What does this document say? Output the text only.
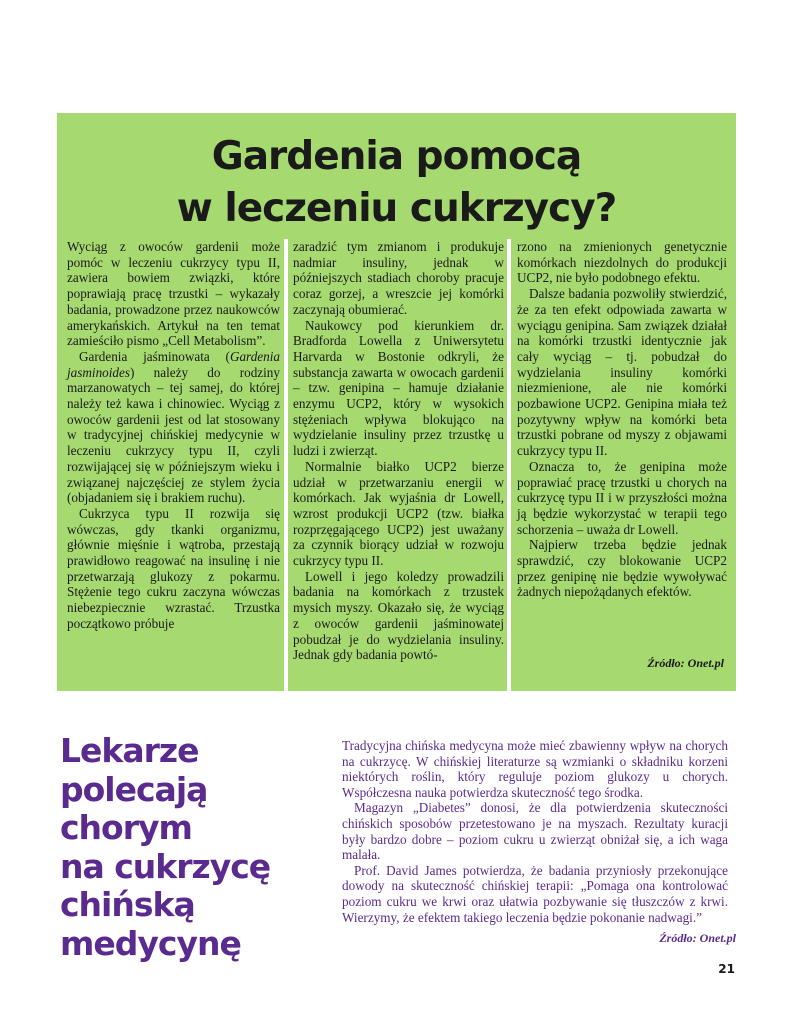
Gardenia pomocą
w leczeniu cukrzycy?

Wyciąg z owoców gardenii może pomóc w leczeniu cukrzycy typu II, zawiera bowiem związki, które poprawiają pracę trzustki – wykazały badania, prowadzone przez naukowców amerykańskich. Artykuł na ten temat zamieściło pismo „Cell Metabolism”.

Gardenia jaśminowata (Gardenia jasminoides) należy do rodziny marzanowatych – tej samej, do której należy też kawa i chinowiec. Wyciąg z owoców gardenii jest od lat stosowany w tradycyjnej chińskiej medycynie w leczeniu cukrzycy typu II, czyli rozwijającej się w późniejszym wieku i związanej najczęściej ze stylem życia (objadaniem się i brakiem ruchu).

Cukrzyca typu II rozwija się wówczas, gdy tkanki organizmu, głównie mięśnie i wątroba, przestają prawidłowo reagować na insulinę i nie przetwarzają glukozy z pokarmu. Stężenie tego cukru zaczyna wówczas niebezpiecznie wzrastać. Trzustka początkowo próbuje

zaradzić tym zmianom i produkuje nadmiar insuliny, jednak w późniejszych stadiach choroby pracuje coraz gorzej, a wreszcie jej komórki zaczynają obumierać.

Naukowcy pod kierunkiem dr. Bradforda Lowella z Uniwersytetu Harvarda w Bostonie odkryli, że substancja zawarta w owocach gardenii – tzw. genipina – hamuje działanie enzymu UCP2, który w wysokich stężeniach wpływa blokująco na wydzielanie insuliny przez trzustkę u ludzi i zwierząt.

Normalnie białko UCP2 bierze udział w przetwarzaniu energii w komórkach. Jak wyjaśnia dr Lowell, wzrost produkcji UCP2 (tzw. białka rozprzęgającego UCP2) jest uważany za czynnik biorący udział w rozwoju cukrzycy typu II.

Lowell i jego koledzy prowadzili badania na komórkach z trzustek mysich myszy. Okazało się, że wyciąg z owoców gardenii jaśminowatej pobudzał je do wydzielania insuliny. Jednak gdy badania powtó-

rzono na zmienionych genetycznie komórkach niezdolnych do produkcji UCP2, nie było podobnego efektu.

Dalsze badania pozwoliły stwierdzić, że za ten efekt odpowiada zawarta w wyciągu genipina. Sam związek działał na komórki trzustki identycznie jak cały wyciąg – tj. pobudzał do wydzielania insuliny komórki niezmienione, ale nie komórki pozbawione UCP2. Genipina miała też pozytywny wpływ na komórki beta trzustki pobrane od myszy z objawami cukrzycy typu II.

Oznacza to, że genipina może poprawiać pracę trzustki u chorych na cukrzycę typu II i w przyszłości można ją będzie wykorzystać w terapii tego schorzenia – uważa dr Lowell.

Najpierw trzeba będzie jednak sprawdzić, czy blokowanie UCP2 przez genipinę nie będzie wywoływać żadnych niepożądanych efektów.

Źródło: Onet.pl
Lekarze polecają
chorym
na cukrzycę
chińską
medycynę

Tradycyjna chińska medycyna może mieć zbawienny wpływ na chorych na cukrzycę. W chińskiej literaturze są wzmianki o składniku korzeni niektórych roślin, który reguluje poziom glukozy u chorych. Współczesna nauka potwierdza skuteczność tego środka.

Magazyn „Diabetes” donosi, że dla potwierdzenia skuteczności chińskich sposobów przetestowano je na myszach. Rezultaty kuracji były bardzo dobre – poziom cukru u zwierząt obniżał się, a ich waga malała.

Prof. David James potwierdza, że badania przyniosły przekonujące dowody na skuteczność chińskiej terapii: „Pomaga ona kontrolować poziom cukru we krwi oraz ułatwia pozbywanie się tłuszczów z krwi. Wierzymy, że efektem takiego leczenia będzie pokonanie nadwagi.”

Źródło: Onet.pl
21
